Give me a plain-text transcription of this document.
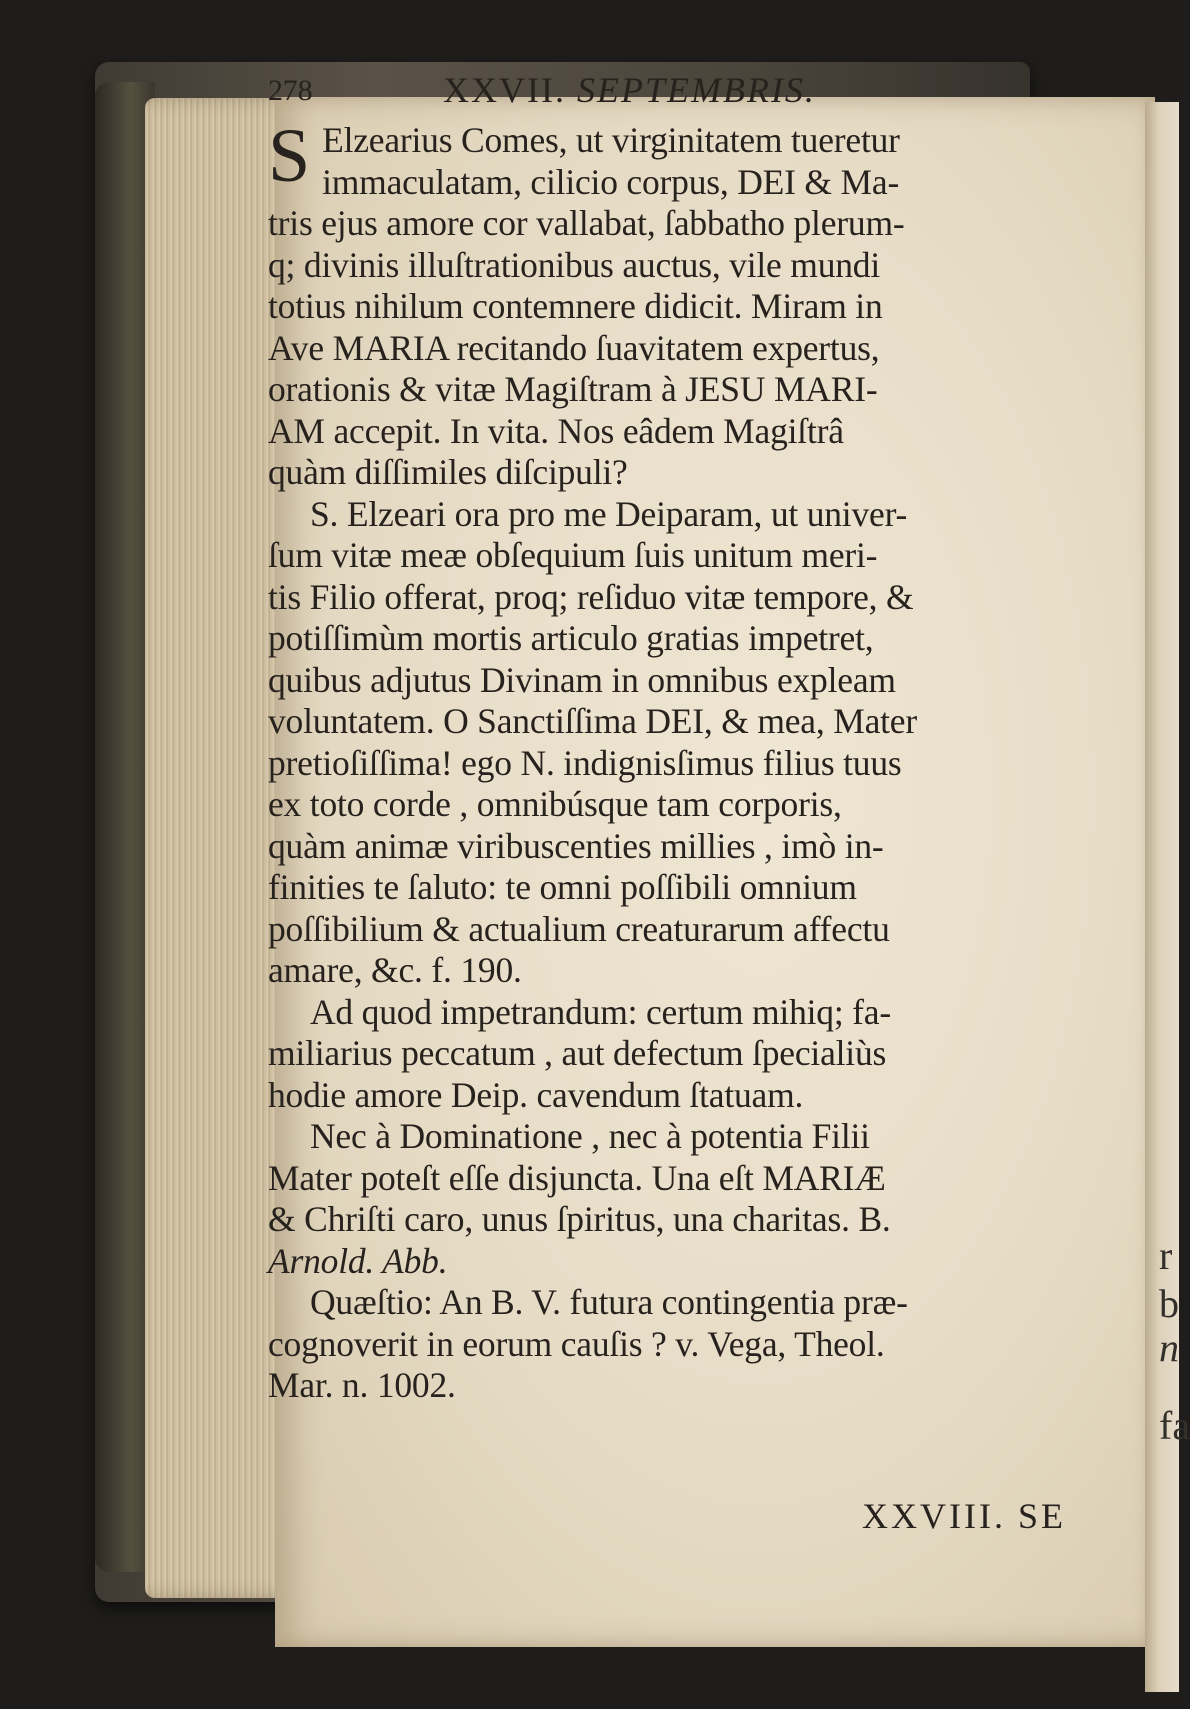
r
b
n
fa
278	XXVII. SEPTEMBRIS.
S Elzearius Comes, ut virginitatem tueretur

immaculatam, cilicio corpus, DEI & Ma-

tris ejus amore cor vallabat, ſabbatho plerum-

q; divinis illuſtrationibus auctus, vile mundi

totius nihilum contemnere didicit. Miram in

Ave MARIA recitando ſuavitatem expertus,

orationis & vitæ Magiſtram à JESU MARI-

AM accepit. In vita. Nos eâdem Magiſtrâ

quàm diſſimiles diſcipuli?

S. Elzeari ora pro me Deiparam, ut univer-

ſum vitæ meæ obſequium ſuis unitum meri-

tis Filio offerat, proq; reſiduo vitæ tempore, &

potiſſimùm mortis articulo gratias impetret,

quibus adjutus Divinam in omnibus expleam

voluntatem. O Sanctiſſima DEI, & mea, Mater

pretioſiſſima! ego N. indignisſimus filius tuus

ex toto corde , omnibúsque tam corporis,

quàm animæ viribuscenties millies , imò in-

finities te ſaluto: te omni poſſibili omnium

poſſibilium & actualium creaturarum affectu

amare, &c. f. 190.

Ad quod impetrandum: certum mihiq; fa-

miliarius peccatum , aut defectum ſpecialiùs

hodie amore Deip. cavendum ſtatuam.

Nec à Dominatione , nec à potentia Filii

Mater poteſt eſſe disjuncta. Una eſt MARIÆ

& Chriſti caro, unus ſpiritus, una charitas. B.

Arnold. Abb.

Quæſtio: An B. V. futura contingentia præ-

cognoverit in eorum cauſis ? v. Vega, Theol.

Mar. n. 1002.

XXVIII. SE
